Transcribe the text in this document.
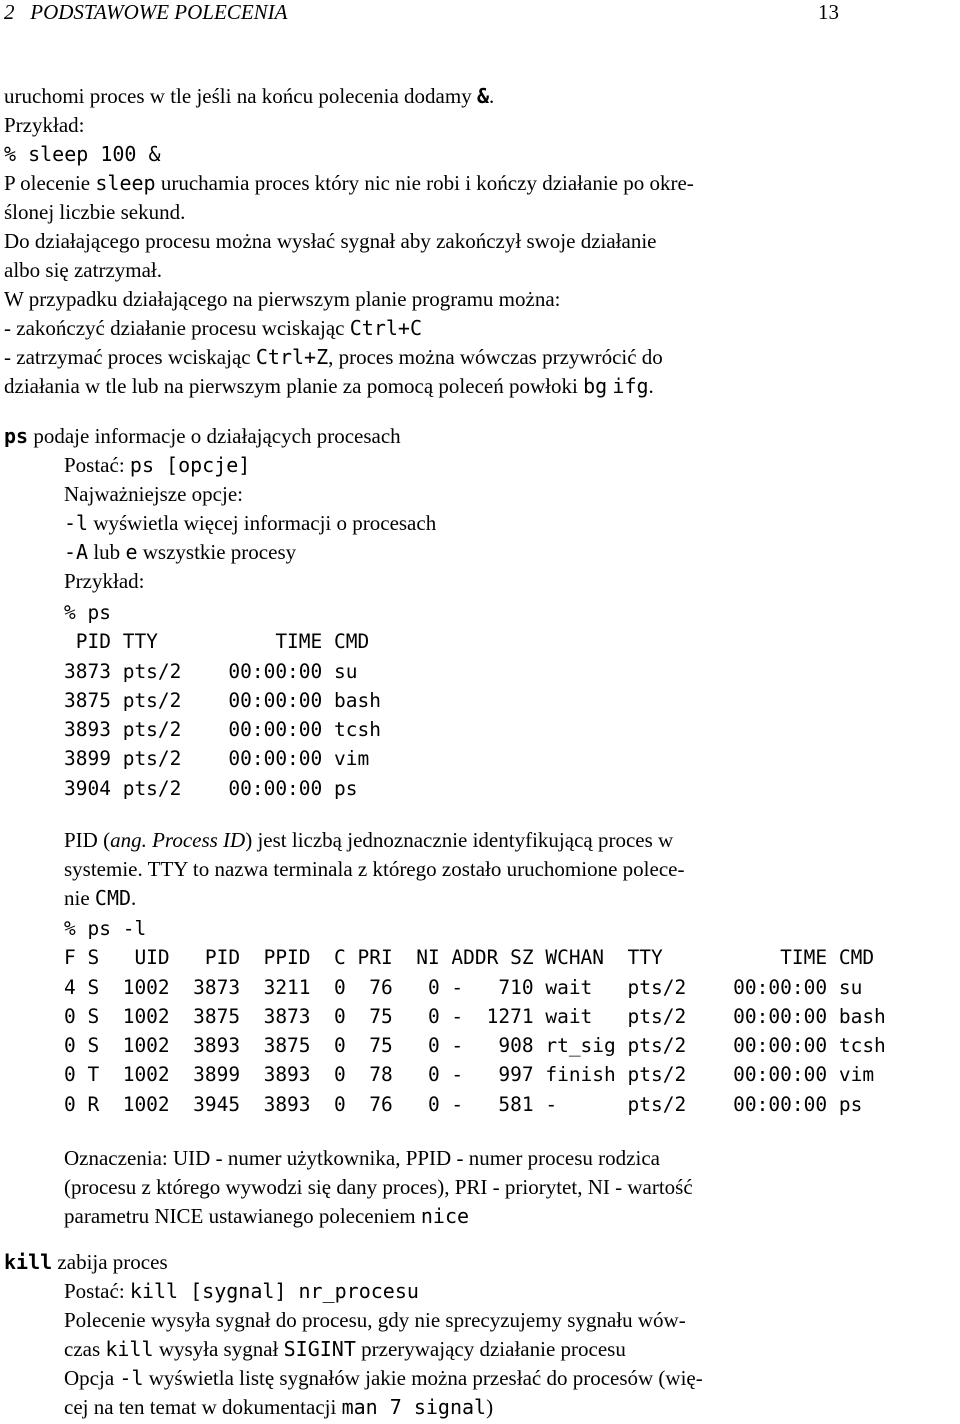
2   PODSTAWOWE POLECENIA	13
uruchomi proces w tle jeśli na końcu polecenia dodamy &.
Przykład:
% sleep 100 &
P olecenie sleep uruchamia proces który nic nie robi i kończy działanie po okre-
ślonej liczbie sekund.
Do działającego procesu można wysłać sygnał aby zakończył swoje działanie
albo się zatrzymał.
W przypadku działającego na pierwszym planie programu można:
- zakończyć działanie procesu wciskając Ctrl+C
- zatrzymać proces wciskając Ctrl+Z, proces można wówczas przywrócić do
działania w tle lub na pierwszym planie za pomocą poleceń powłoki bg ifg.
ps podaje informacje o działających procesach
Postać: ps [opcje]
Najważniejsze opcje:
-l wyświetla więcej informacji o procesach
-A lub e wszystkie procesy
Przykład:
% ps
PID TTY          TIME CMD
3873 pts/2    00:00:00 su
3875 pts/2    00:00:00 bash
3893 pts/2    00:00:00 tcsh
3899 pts/2    00:00:00 vim
3904 pts/2    00:00:00 ps
PID (ang. Process ID) jest liczbą jednoznacznie identyfikującą proces w
systemie. TTY to nazwa terminala z którego zostało uruchomione polece-
nie CMD.
% ps -l
F S   UID   PID  PPID  C PRI  NI ADDR SZ WCHAN  TTY          TIME CMD
4 S  1002  3873  3211  0  76   0 -   710 wait   pts/2    00:00:00 su
0 S  1002  3875  3873  0  75   0 -  1271 wait   pts/2    00:00:00 bash
0 S  1002  3893  3875  0  75   0 -   908 rt_sig pts/2    00:00:00 tcsh
0 T  1002  3899  3893  0  78   0 -   997 finish pts/2    00:00:00 vim
0 R  1002  3945  3893  0  76   0 -   581 -      pts/2    00:00:00 ps
Oznaczenia: UID - numer użytkownika, PPID - numer procesu rodzica
(procesu z którego wywodzi się dany proces), PRI - priorytet, NI - wartość
parametru NICE ustawianego poleceniem nice
kill zabija proces
Postać: kill [sygnal] nr_procesu
Polecenie wysyła sygnał do procesu, gdy nie sprecyzujemy sygnału wów-
czas kill wysyła sygnał SIGINT przerywający działanie procesu
Opcja -l wyświetla listę sygnałów jakie można przesłać do procesów (wię-
cej na ten temat w dokumentacji man 7 signal)
